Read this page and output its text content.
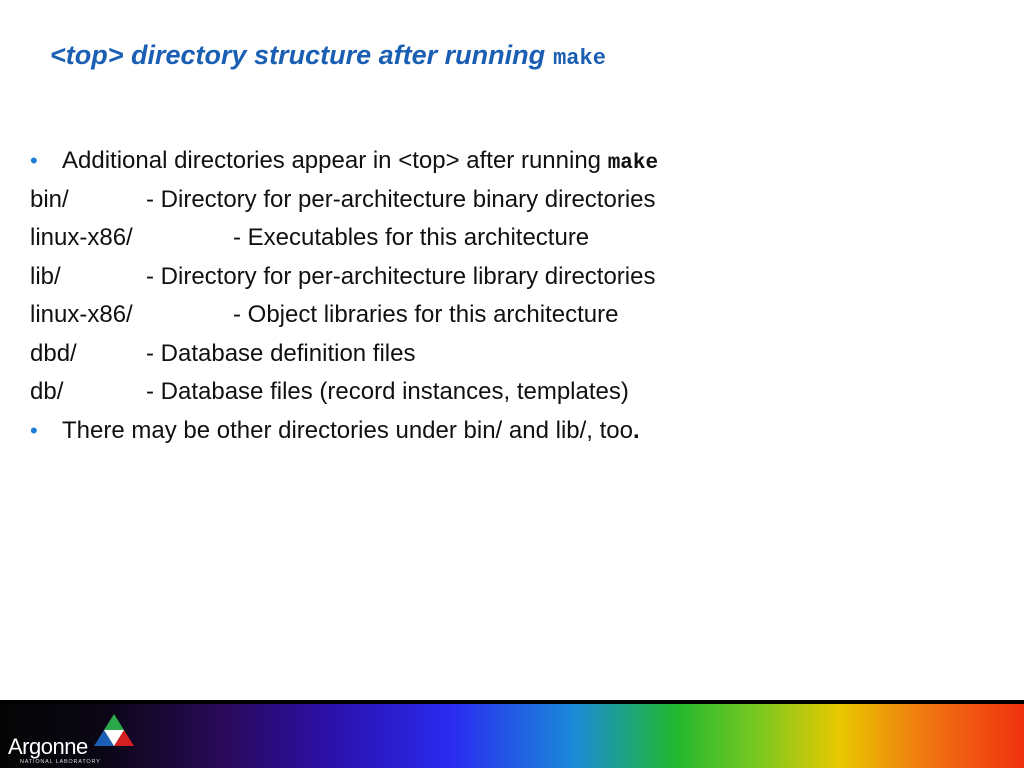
<top> directory structure after running make
• Additional directories appear in <top> after running make
bin/	- Directory for per-architecture binary directories
linux-x86/	- Executables for this architecture
lib/	- Directory for per-architecture library directories
linux-x86/	- Object libraries for this architecture
dbd/	- Database definition files
db/	- Database files (record instances, templates)
• There may be other directories under bin/ and lib/, too.
Argonne
NATIONAL LABORATORY
